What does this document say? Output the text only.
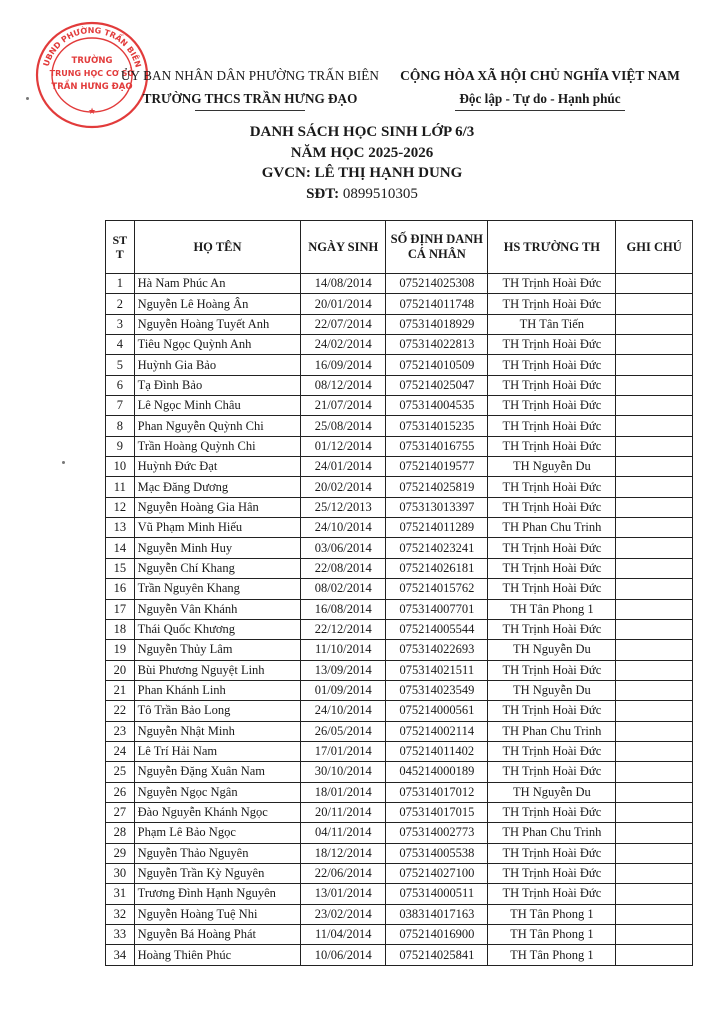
UBND PHƯỜNG TRẤN BIÊN
TRƯỜNG
TRUNG HỌC CƠ SỞ
TRẦN HƯNG ĐẠO
★
ỦY BAN NHÂN DÂN PHƯỜNG TRẤN BIÊN
TRƯỜNG THCS TRẦN HƯNG ĐẠO
CỘNG HÒA XÃ HỘI CHỦ NGHĨA VIỆT NAM
Độc lập - Tự do - Hạnh phúc
DANH SÁCH HỌC SINH LỚP 6/3
NĂM HỌC 2025-2026
GVCN: LÊ THỊ HẠNH DUNG
SĐT: 0899510305
ST
T	HỌ TÊN	NGÀY SINH	SỐ ĐỊNH DANH
CÁ NHÂN	HS TRƯỜNG TH	GHI CHÚ
1	Hà Nam Phúc An	14/08/2014	075214025308	TH Trịnh Hoài Đức	
2	Nguyễn Lê Hoàng Ân	20/01/2014	075214011748	TH Trịnh Hoài Đức	
3	Nguyễn Hoàng Tuyết Anh	22/07/2014	075314018929	TH Tân Tiến	
4	Tiêu Ngọc Quỳnh Anh	24/02/2014	075314022813	TH Trịnh Hoài Đức	
5	Huỳnh Gia Bảo	16/09/2014	075214010509	TH Trịnh Hoài Đức	
6	Tạ Đình Bảo	08/12/2014	075214025047	TH Trịnh Hoài Đức	
7	Lê Ngọc Minh Châu	21/07/2014	075314004535	TH Trịnh Hoài Đức	
8	Phan Nguyễn Quỳnh Chi	25/08/2014	075314015235	TH Trịnh Hoài Đức	
9	Trần Hoàng Quỳnh Chi	01/12/2014	075314016755	TH Trịnh Hoài Đức	
10	Huỳnh Đức Đạt	24/01/2014	075214019577	TH Nguyễn Du	
11	Mạc Đăng Dương	20/02/2014	075214025819	TH Trịnh Hoài Đức	
12	Nguyễn Hoàng Gia Hân	25/12/2013	075313013397	TH Trịnh Hoài Đức	
13	Vũ Phạm Minh Hiếu	24/10/2014	075214011289	TH Phan Chu Trinh	
14	Nguyễn Minh Huy	03/06/2014	075214023241	TH Trịnh Hoài Đức	
15	Nguyễn Chí Khang	22/08/2014	075214026181	TH Trịnh Hoài Đức	
16	Trần Nguyên Khang	08/02/2014	075214015762	TH Trịnh Hoài Đức	
17	Nguyễn Vân Khánh	16/08/2014	075314007701	TH Tân Phong 1	
18	Thái Quốc Khương	22/12/2014	075214005544	TH Trịnh Hoài Đức	
19	Nguyễn Thủy Lâm	11/10/2014	075314022693	TH Nguyễn Du	
20	Bùi Phương Nguyệt Linh	13/09/2014	075314021511	TH Trịnh Hoài Đức	
21	Phan Khánh Linh	01/09/2014	075314023549	TH Nguyễn Du	
22	Tô Trần Bảo Long	24/10/2014	075214000561	TH Trịnh Hoài Đức	
23	Nguyễn Nhật Minh	26/05/2014	075214002114	TH Phan Chu Trinh	
24	Lê Trí Hải Nam	17/01/2014	075214011402	TH Trịnh Hoài Đức	
25	Nguyễn Đặng Xuân Nam	30/10/2014	045214000189	TH Trịnh Hoài Đức	
26	Nguyễn Ngọc Ngân	18/01/2014	075314017012	TH Nguyễn Du	
27	Đào Nguyễn Khánh Ngọc	20/11/2014	075314017015	TH Trịnh Hoài Đức	
28	Phạm Lê Bảo Ngọc	04/11/2014	075314002773	TH Phan Chu Trinh	
29	Nguyễn Thảo Nguyên	18/12/2014	075314005538	TH Trịnh Hoài Đức	
30	Nguyễn Trần Kỳ Nguyên	22/06/2014	075214027100	TH Trịnh Hoài Đức	
31	Trương Đình Hạnh Nguyên	13/01/2014	075314000511	TH Trịnh Hoài Đức	
32	Nguyễn Hoàng Tuệ Nhi	23/02/2014	038314017163	TH Tân Phong 1	
33	Nguyễn Bá Hoàng Phát	11/04/2014	075214016900	TH Tân Phong 1	
34	Hoàng Thiên Phúc	10/06/2014	075214025841	TH Tân Phong 1	
